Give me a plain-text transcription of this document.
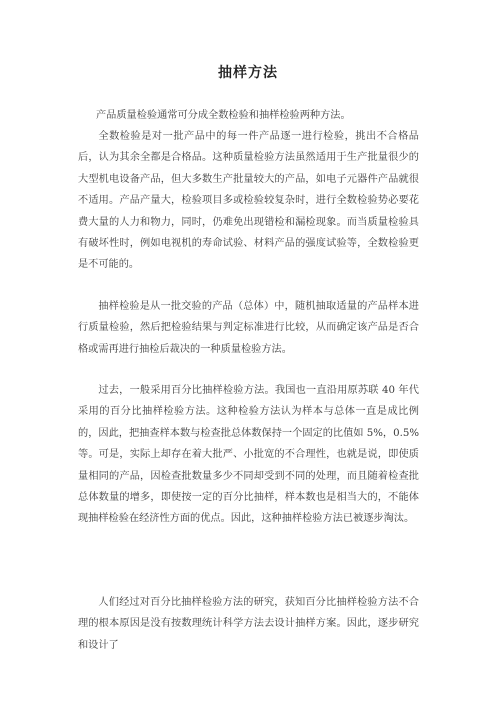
抽样方法

产品质量检验通常可分成全数检验和抽样检验两种方法。

全数检验是对一批产品中的每一件产品逐一进行检验，挑出不合格品后，认为其余全都是合格品。这种质量检验方法虽然适用于生产批量很少的大型机电设备产品，但大多数生产批量较大的产品，如电子元器件产品就很不适用。产品产量大，检验项目多或检验较复杂时，进行全数检验势必要花费大量的人力和物力，同时，仍难免出现错检和漏检现象。而当质量检验具有破坏性时，例如电视机的寿命试验、材料产品的强度试验等，全数检验更是不可能的。

抽样检验是从一批交验的产品（总体）中，随机抽取适量的产品样本进行质量检验，然后把检验结果与判定标准进行比较，从而确定该产品是否合格或需再进行抽检后裁决的一种质量检验方法。

过去，一般采用百分比抽样检验方法。我国也一直沿用原苏联 40 年代采用的百分比抽样检验方法。这种检验方法认为样本与总体一直是成比例的，因此，把抽查样本数与检查批总体数保持一个固定的比值如 5%，0.5%等。可是，实际上却存在着大批严、小批宽的不合理性，也就是说，即使质量相同的产品，因检查批数量多少不同却受到不同的处理，而且随着检查批总体数量的增多，即使按一定的百分比抽样，样本数也是相当大的，不能体现抽样检验在经济性方面的优点。因此，这种抽样检验方法已被逐步淘汰。

人们经过对百分比抽样检验方法的研究，获知百分比抽样检验方法不合理的根本原因是没有按数理统计科学方法去设计抽样方案。因此，逐步研究和设计了
